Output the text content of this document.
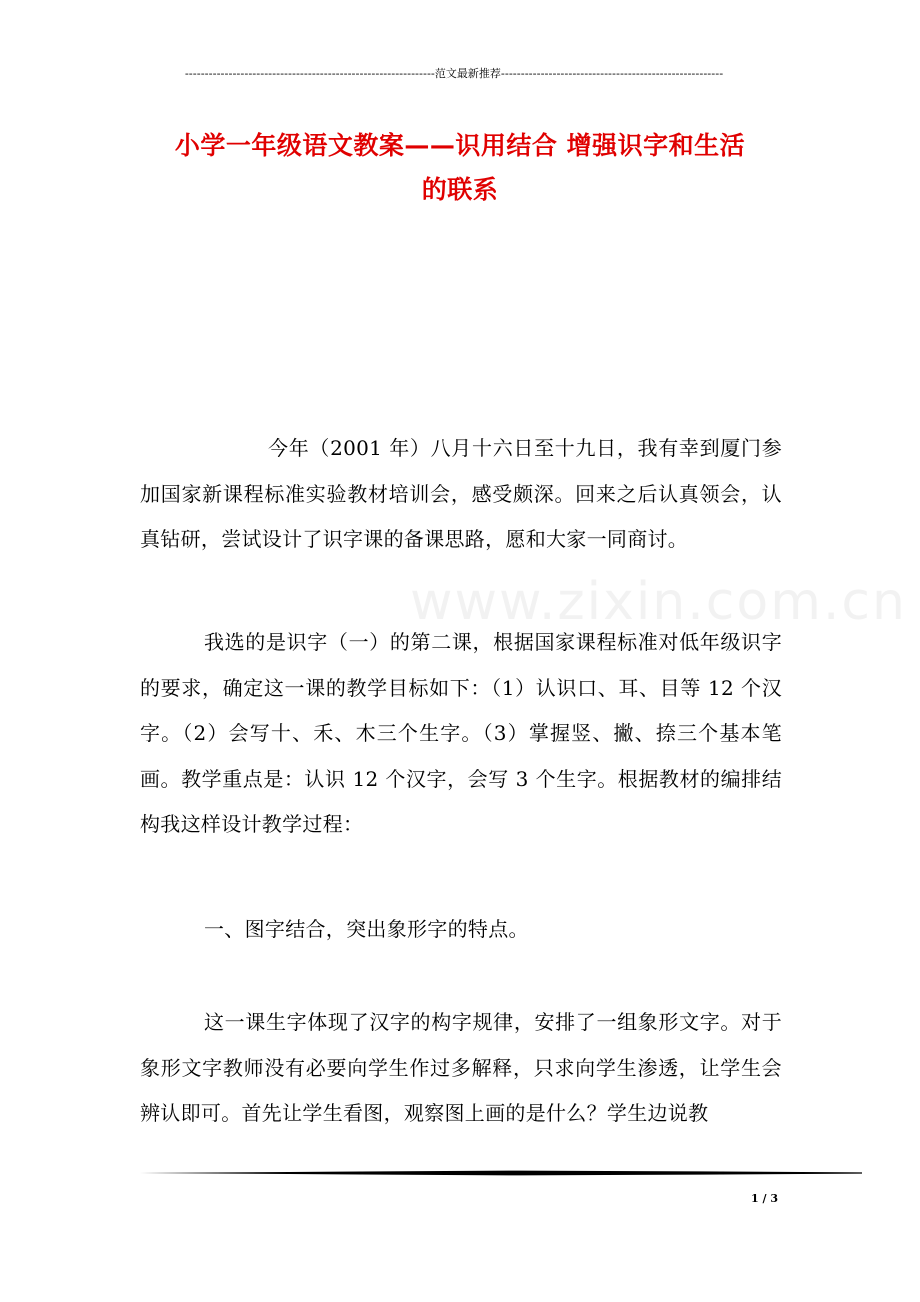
---------------------------------------------------------------范文最新推荐--------------------------------------------------------
小学一年级语文教案——识用结合 增强识字和生活
的联系
www.zixin.com.cn

今年（2001 年）八月十六日至十九日，我有幸到厦门参加国家新课程标准实验教材培训会，感受颇深。回来之后认真领会，认真钻研，尝试设计了识字课的备课思路，愿和大家一同商讨。

我选的是识字（一）的第二课，根据国家课程标准对低年级识字的要求，确定这一课的教学目标如下：（1）认识口、耳、目等 12 个汉字。（2）会写十、禾、木三个生字。（3）掌握竖、撇、捺三个基本笔画。教学重点是：认识 12 个汉字，会写 3 个生字。根据教材的编排结构我这样设计教学过程：

一、图字结合，突出象形字的特点。

这一课生字体现了汉字的构字规律，安排了一组象形文字。对于象形文字教师没有必要向学生作过多解释，只求向学生渗透，让学生会辨认即可。首先让学生看图，观察图上画的是什么？学生边说教

1 / 3
